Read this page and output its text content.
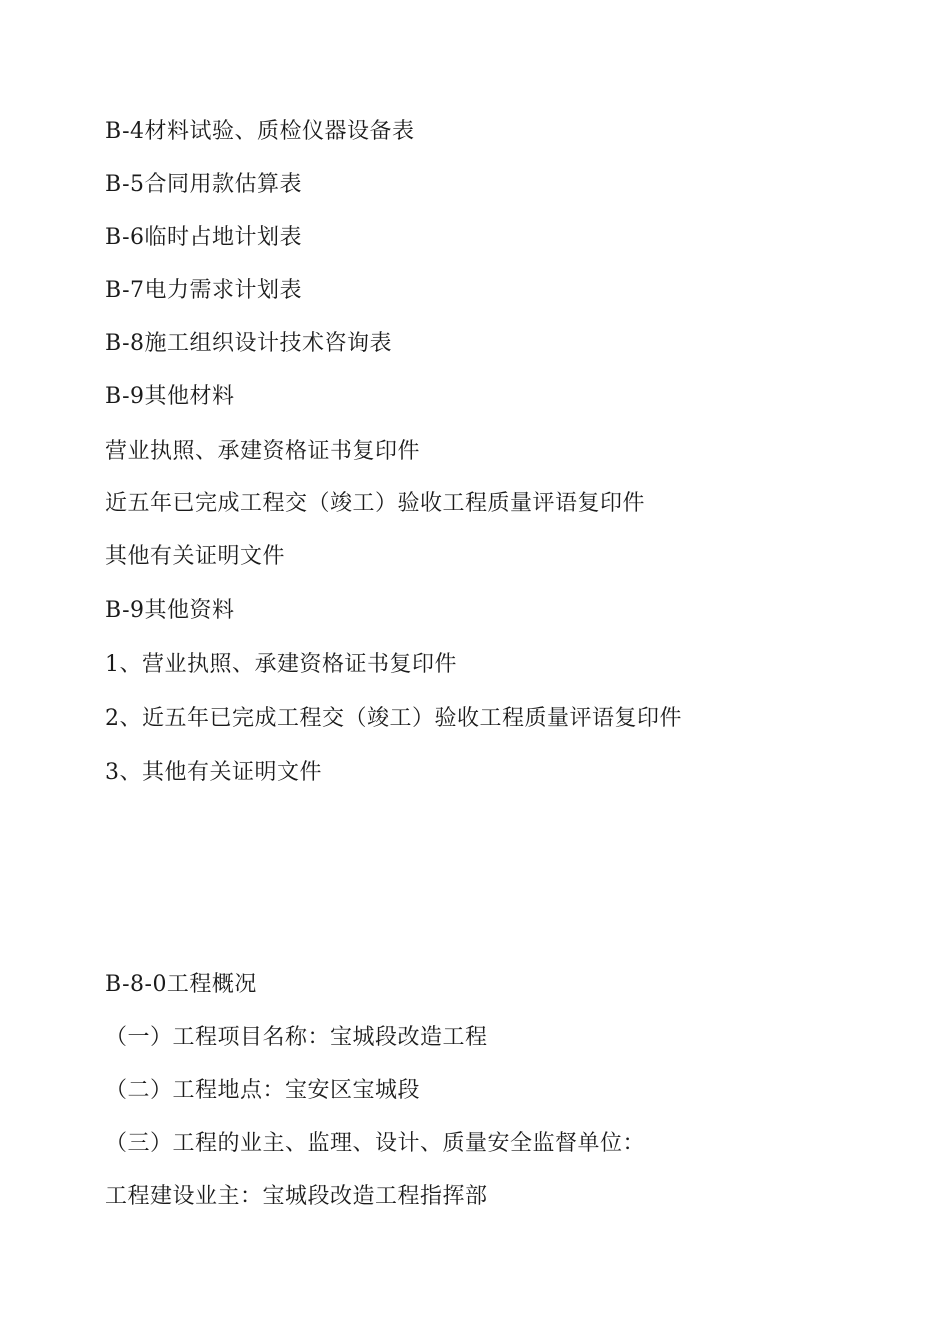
B-4材料试验、质检仪器设备表
B-5合同用款估算表
B-6临时占地计划表
B-7电力需求计划表
B-8施工组织设计技术咨询表
B-9其他材料
营业执照、承建资格证书复印件
近五年已完成工程交（竣工）验收工程质量评语复印件
其他有关证明文件
B-9其他资料
1、营业执照、承建资格证书复印件
2、近五年已完成工程交（竣工）验收工程质量评语复印件
3、其他有关证明文件
B-8-0工程概况
（一）工程项目名称：宝城段改造工程
（二）工程地点：宝安区宝城段
（三）工程的业主、监理、设计、质量安全监督单位：
工程建设业主：宝城段改造工程指挥部
